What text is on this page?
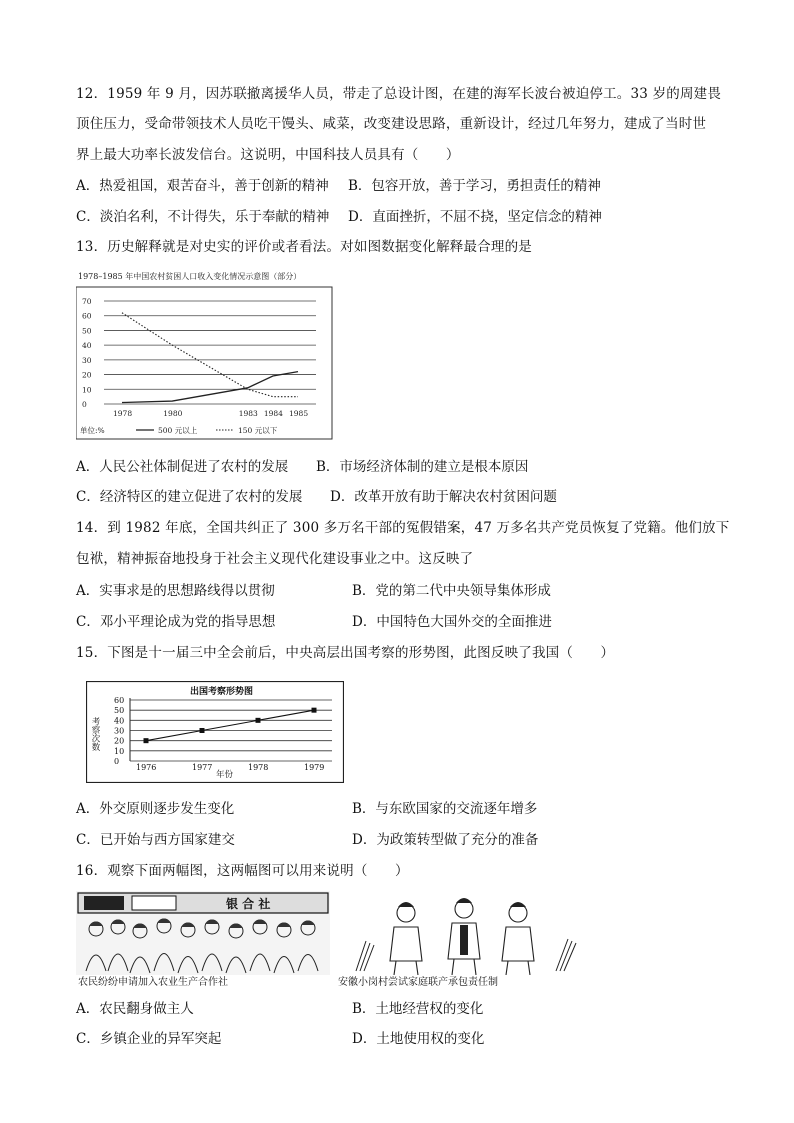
12．1959 年 9 月，因苏联撤离援华人员，带走了总设计图，在建的海军长波台被迫停工。33 岁的周建畏
顶住压力，受命带领技术人员吃干馒头、咸菜，改变建设思路，重新设计，经过几年努力，建成了当时世
界上最大功率长波发信台。这说明，中国科技人员具有（　　）
A．热爱祖国，艰苦奋斗，善于创新的精神 B．包容开放，善于学习，勇担责任的精神
C．淡泊名利，不计得失，乐于奉献的精神 D．直面挫折，不屈不挠，坚定信念的精神
13．历史解释就是对史实的评价或者看法。对如图数据变化解释最合理的是
1978–1985 年中国农村贫困人口收入变化情况示意图（部分）
0
10
20
30
40
50
60
70
1978	1980	1983 1984 1985
单位:%	500 元以上	150 元以下
A．人民公社体制促进了农村的发展 B．市场经济体制的建立是根本原因
C．经济特区的建立促进了农村的发展 D．改革开放有助于解决农村贫困问题
14．到 1982 年底，全国共纠正了 300 多万名干部的冤假错案，47 万多名共产党员恢复了党籍。他们放下
包袱，精神振奋地投身于社会主义现代化建设事业之中。这反映了
A．实事求是的思想路线得以贯彻	B．党的第二代中央领导集体形成
C．邓小平理论成为党的指导思想	D．中国特色大国外交的全面推进
15．下图是十一届三中全会前后，中央高层出国考察的形势图，此图反映了我国（　　）
出国考察形势图
考察次数
0
10
20
30
40
50
60
1976	1977	1978	1979
年份
A．外交原则逐步发生变化	B．与东欧国家的交流逐年增多
C．已开始与西方国家建交	D．为政策转型做了充分的准备
16．观察下面两幅图，这两幅图可以用来说明（　　）
银 合 社
农民纷纷申请加入农业生产合作社	安徽小岗村尝试家庭联产承包责任制
A．农民翻身做主人	B．土地经营权的变化
C．乡镇企业的异军突起	D．土地使用权的变化
